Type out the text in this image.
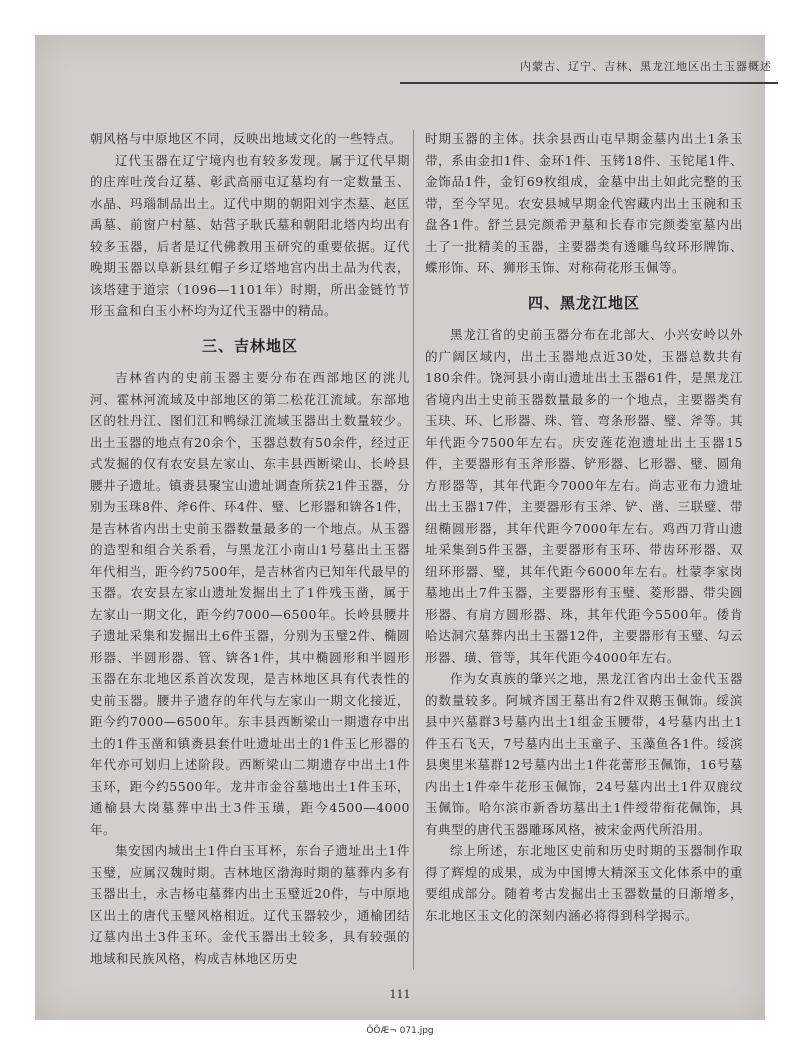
内蒙古、辽宁、吉林、黑龙江地区出土玉器概述

朝风格与中原地区不同，反映出地域文化的一些特点。

辽代玉器在辽宁境内也有较多发现。属于辽代早期的庄库吐茂台辽墓、彰武高丽屯辽墓均有一定数量玉、水晶、玛瑙制品出土。辽代中期的朝阳刘宇杰墓、赵匡禹墓、前窗户村墓、姑营子耿氏墓和朝阳北塔内均出有较多玉器，后者是辽代佛教用玉研究的重要依据。辽代晚期玉器以阜新县红帽子乡辽塔地宫内出土品为代表，该塔建于道宗（1096—1101年）时期，所出金链竹节形玉盒和白玉小杯均为辽代玉器中的精品。

三、吉林地区

吉林省内的史前玉器主要分布在西部地区的洮儿河、霍林河流域及中部地区的第二松花江流域。东部地区的牡丹江、图们江和鸭绿江流域玉器出土数量较少。出土玉器的地点有20余个，玉器总数有50余件，经过正式发掘的仅有农安县左家山、东丰县西断梁山、长岭县腰井子遗址。镇赉县聚宝山遗址调查所获21件玉器，分别为玉珠8件、斧6件、环4件、璧、匕形器和锛各1件，是吉林省内出土史前玉器数量最多的一个地点。从玉器的造型和组合关系看，与黑龙江小南山1号墓出土玉器年代相当，距今约7500年，是吉林省内已知年代最早的玉器。农安县左家山遗址发掘出土了1件残玉凿，属于左家山一期文化，距今约7000—6500年。长岭县腰井子遗址采集和发掘出土6件玉器，分别为玉璧2件、椭圆形器、半圆形器、管、锛各1件，其中椭圆形和半圆形玉器在东北地区系首次发现，是吉林地区具有代表性的史前玉器。腰井子遗存的年代与左家山一期文化接近，距今约7000—6500年。东丰县西断梁山一期遗存中出土的1件玉凿和镇赉县套什吐遗址出土的1件玉匕形器的年代亦可划归上述阶段。西断梁山二期遗存中出土1件玉环，距今约5500年。龙井市金谷墓地出土1件玉环，通榆县大岗墓葬中出土3件玉璜，距今4500—4000年。

集安国内城出土1件白玉耳杯，东台子遗址出土1件玉璧，应属汉魏时期。吉林地区渤海时期的墓葬内多有玉器出土，永吉杨屯墓葬内出土玉璧近20件，与中原地区出土的唐代玉璧风格相近。辽代玉器较少，通榆团结辽墓内出土3件玉环。金代玉器出土较多，具有较强的地域和民族风格，构成吉林地区历史

时期玉器的主体。扶余县西山屯早期金墓内出土1条玉带，系由金扣1件、金环1件、玉铐18件、玉铊尾1件、金饰品1件，金钉69枚组成，金墓中出土如此完整的玉带，至今罕见。农安县城早期金代窖藏内出土玉碗和玉盘各1件。舒兰县完颜希尹墓和长春市完颜娄室墓内出土了一批精美的玉器，主要器类有透雕鸟纹环形牌饰、蝶形饰、环、狮形玉饰、对称荷花形玉佩等。

四、黑龙江地区

黑龙江省的史前玉器分布在北部大、小兴安岭以外的广阔区域内，出土玉器地点近30处，玉器总数共有180余件。饶河县小南山遗址出土玉器61件，是黑龙江省境内出土史前玉器数量最多的一个地点，主要器类有玉玦、环、匕形器、珠、管、弯条形器、璧、斧等。其年代距今7500年左右。庆安莲花泡遗址出土玉器15件，主要器形有玉斧形器、铲形器、匕形器、璧、圆角方形器等，其年代距今7000年左右。尚志亚布力遗址出土玉器17件，主要器形有玉斧、铲、凿、三联璧、带纽椭圆形器，其年代距今7000年左右。鸡西刀背山遗址采集到5件玉器，主要器形有玉环、带齿环形器、双纽环形器、璧，其年代距今6000年左右。杜蒙李家岗墓地出土7件玉器，主要器形有玉璧、菱形器、带尖圆形器、有肩方圆形器、珠，其年代距今5500年。倭肯哈达洞穴墓葬内出土玉器12件，主要器形有玉璧、勾云形器、璜、管等，其年代距今4000年左右。

作为女真族的肇兴之地，黑龙江省内出土金代玉器的数量较多。阿城齐国王墓出有2件双鹅玉佩饰。绥滨县中兴墓群3号墓内出土1组金玉腰带，4号墓内出土1件玉石飞天，7号墓内出土玉童子、玉藻鱼各1件。绥滨县奥里米墓群12号墓内出土1件花蕾形玉佩饰，16号墓内出土1件牵牛花形玉佩饰，24号墓内出土1件双鹿纹玉佩饰。哈尔滨市新香坊墓出土1件绶带衔花佩饰，具有典型的唐代玉器雕琢风格，被宋金两代所沿用。

综上所述，东北地区史前和历史时期的玉器制作取得了辉煌的成果，成为中国博大精深玉文化体系中的重要组成部分。随着考古发掘出土玉器数量的日渐增多，东北地区玉文化的深刻内涵必将得到科学揭示。

111
ÕÕÆ¬ 071.jpg
